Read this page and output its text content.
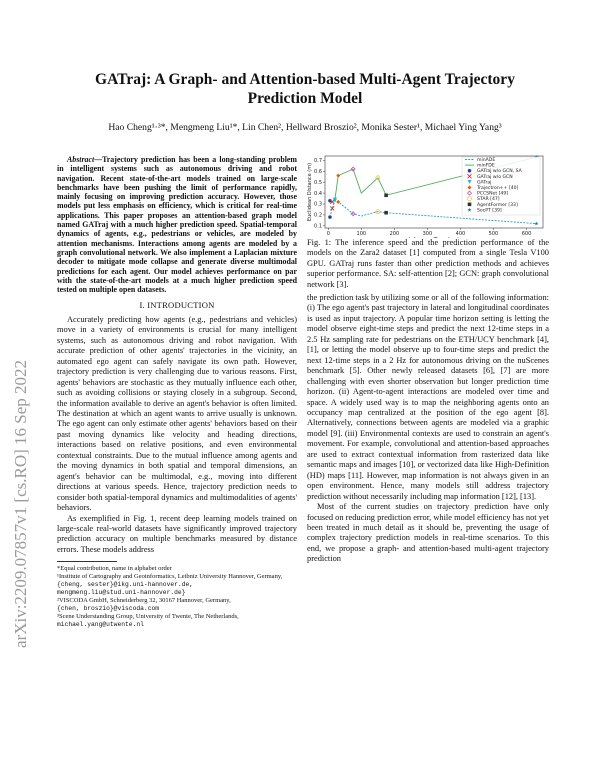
arXiv:2209.07857v1 [cs.RO] 16 Sep 2022
GATraj: A Graph- and Attention-based Multi-Agent Trajectory Prediction Model
Hao Cheng¹·³*, Mengmeng Liu¹*, Lin Chen², Hellward Broszio², Monika Sester¹, Michael Ying Yang³

Abstract—Trajectory prediction has been a long-standing problem in intelligent systems such as autonomous driving and robot navigation. Recent state-of-the-art models trained on large-scale benchmarks have been pushing the limit of performance rapidly, mainly focusing on improving prediction accuracy. However, those models put less emphasis on efficiency, which is critical for real-time applications. This paper proposes an attention-based graph model named GATraj with a much higher prediction speed. Spatial-temporal dynamics of agents, e.g., pedestrians or vehicles, are modeled by attention mechanisms. Interactions among agents are modeled by a graph convolutional network. We also implement a Laplacian mixture decoder to mitigate mode collapse and generate diverse multimodal predictions for each agent. Our model achieves performance on par with the state-of-the-art models at a much higher prediction speed tested on multiple open datasets.

I. INTRODUCTION

Accurately predicting how agents (e.g., pedestrians and vehicles) move in a variety of environments is crucial for many intelligent systems, such as autonomous driving and robot navigation. With accurate prediction of other agents' trajectories in the vicinity, an automated ego agent can safely navigate its own path. However, trajectory prediction is very challenging due to various reasons. First, agents' behaviors are stochastic as they mutually influence each other, such as avoiding collisions or staying closely in a subgroup. Second, the information available to derive an agent's behavior is often limited. The destination at which an agent wants to arrive usually is unknown. The ego agent can only estimate other agents' behaviors based on their past moving dynamics like velocity and heading directions, interactions based on relative positions, and even environmental contextual constraints. Due to the mutual influence among agents and the moving dynamics in both spatial and temporal dimensions, an agent's behavior can be multimodal, e.g., moving into different directions at various speeds. Hence, trajectory prediction needs to consider both spatial-temporal dynamics and multimodalities of agents' behaviors.

As exemplified in Fig. 1, recent deep learning models trained on large-scale real-world datasets have significantly improved trajectory prediction accuracy on multiple benchmarks measured by distance errors. These models address

*Equal contribution, name in alphabet order
¹Institute of Cartography and Geoinformatics, Leibniz University Hannover, Germany,
{cheng, sester}@ikg.uni-hannover.de,
mengmeng.liu@stud.uni-hannover.de}
²VISCODA GmbH, Schneiderberg 32, 30167 Hannover, Germany,
{chen, broszio}@viscoda.com
³Scene Understanding Group, University of Twente, The Netherlands,
michael.yang@utwente.nl
0	100	200	300	400	500	600
0.1
0.2
0.3
0.4
0.5
0.6
0.7
Euclidean Distance (m)
minADE
minFDE
GATraj w/o GCN, SA
GATraj w/o GCN
GATraj
Trajectron++ [40]
PCCSNet [49]
STAR [47]
AgentFormer [33]
SocPT [39]
Fig. 1: The inference speed and the prediction performance of the models on the Zara2 dataset [1] computed from a single Tesla V100 GPU. GATraj runs faster than other prediction methods and achieves superior performance. SA: self-attention [2]; GCN: graph convolutional network [3].

the prediction task by utilizing some or all of the following information: (i) The ego agent's past trajectory in lateral and longitudinal coordinates is used as input trajectory. A popular time horizon setting is letting the model observe eight-time steps and predict the next 12-time steps in a 2.5 Hz sampling rate for pedestrians on the ETH/UCY benchmark [4], [1], or letting the model observe up to four-time steps and predict the next 12-time steps in a 2 Hz for autonomous driving on the nuScenes benchmark [5]. Other newly released datasets [6], [7] are more challenging with even shorter observation but longer prediction time horizon. (ii) Agent-to-agent interactions are modeled over time and space. A widely used way is to map the neighboring agents onto an occupancy map centralized at the position of the ego agent [8]. Alternatively, connections between agents are modeled via a graphic model [9]. (iii) Environmental contexts are used to constrain an agent's movement. For example, convolutional and attention-based approaches are used to extract contextual information from rasterized data like semantic maps and images [10], or vectorized data like High-Definition (HD) maps [11]. However, map information is not always given in an open environment. Hence, many models still address trajectory prediction without necessarily including map information [12], [13].

Most of the current studies on trajectory prediction have only focused on reducing prediction error, while model efficiency has not yet been treated in much detail as it should be, preventing the usage of complex trajectory prediction models in real-time scenarios. To this end, we propose a graph- and attention-based multi-agent trajectory prediction
